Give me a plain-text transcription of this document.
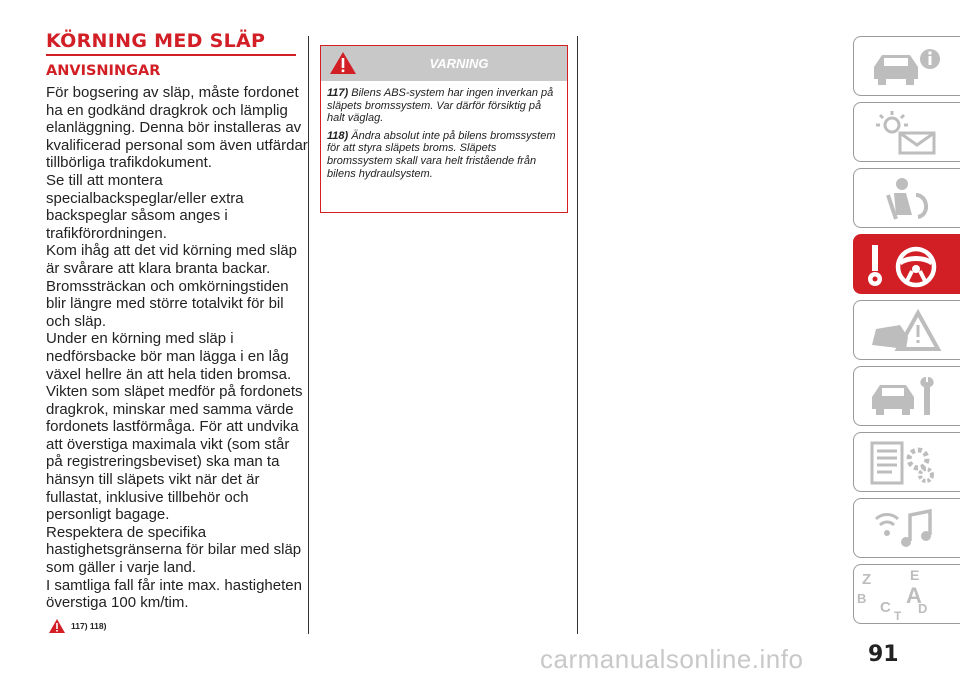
KÖRNING MED SLÄP
ANVISNINGAR

För bogsering av släp, måste fordonet ha en godkänd dragkrok och lämplig elanläggning. Denna bör installeras av kvalificerad personal som även utfärdar tillbörliga trafikdokument.

Se till att montera specialbackspeglar/eller extra backspeglar såsom anges i trafikförordningen.

Kom ihåg att det vid körning med släp är svårare att klara branta backar.

Bromssträckan och omkörningstiden blir längre med större totalvikt för bil och släp.

Under en körning med släp i nedförsbacke bör man lägga i en låg växel hellre än att hela tiden bromsa.

Vikten som släpet medför på fordonets dragkrok, minskar med samma värde fordonets lastförmåga. För att undvika att överstiga maximala vikt (som står på registreringsbeviset) ska man ta hänsyn till släpets vikt när det är fullastat, inklusive tillbehör och personligt bagage.

Respektera de specifika hastighetsgränserna för bilar med släp som gäller i varje land.

I samtliga fall får inte max. hastigheten överstiga 100 km/tim.

117) 118)
VARNING

117) Bilens ABS-system har ingen inverkan på släpets bromssystem. Var därför försiktig på halt väglag.

118) Ändra absolut inte på bilens bromssystem för att styra släpets broms. Släpets bromssystem skall vara helt fristående från bilens hydraulsystem.

Z	E
B A
C D
T
carmanualsonline.info	91
